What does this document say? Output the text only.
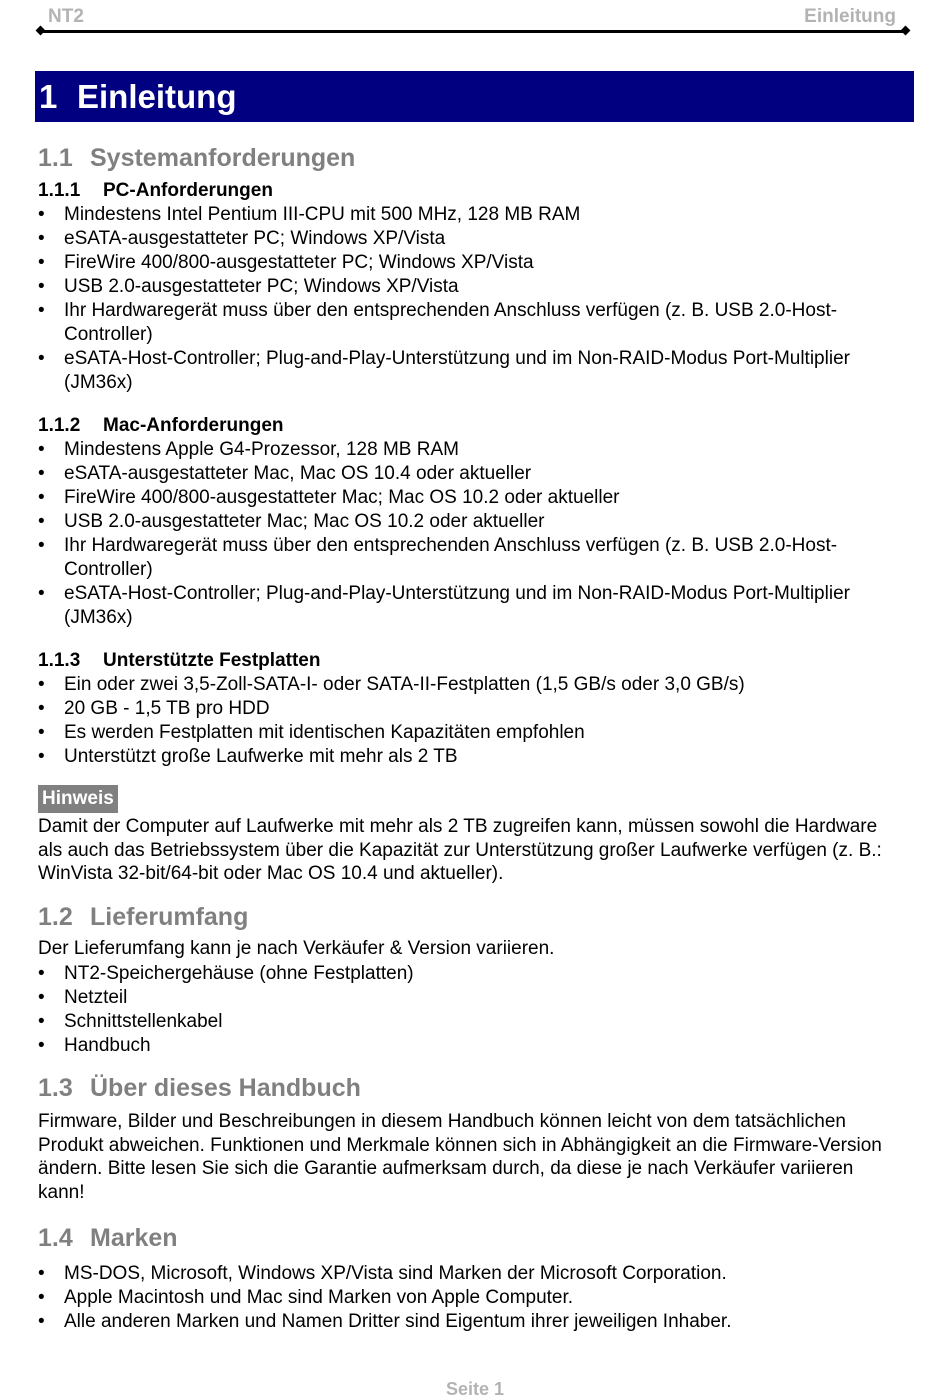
NT2	Einleitung
1 Einleitung
1.1 Systemanforderungen
1.1.1 PC-Anforderungen
• Mindestens Intel Pentium III-CPU mit 500 MHz, 128 MB RAM
• eSATA-ausgestatteter PC; Windows XP/Vista
• FireWire 400/800-ausgestatteter PC; Windows XP/Vista
• USB 2.0-ausgestatteter PC; Windows XP/Vista
• Ihr Hardwaregerät muss über den entsprechenden Anschluss verfügen (z. B. USB 2.0-Host-Controller)
• eSATA-Host-Controller; Plug-and-Play-Unterstützung und im Non-RAID-Modus Port-Multiplier (JM36x)
1.1.2 Mac-Anforderungen
• Mindestens Apple G4-Prozessor, 128 MB RAM
• eSATA-ausgestatteter Mac, Mac OS 10.4 oder aktueller
• FireWire 400/800-ausgestatteter Mac; Mac OS 10.2 oder aktueller
• USB 2.0-ausgestatteter Mac; Mac OS 10.2 oder aktueller
• Ihr Hardwaregerät muss über den entsprechenden Anschluss verfügen (z. B. USB 2.0-Host-Controller)
• eSATA-Host-Controller; Plug-and-Play-Unterstützung und im Non-RAID-Modus Port-Multiplier (JM36x)
1.1.3 Unterstützte Festplatten
• Ein oder zwei 3,5-Zoll-SATA-I- oder SATA-II-Festplatten (1,5 GB/s oder 3,0 GB/s)
• 20 GB - 1,5 TB pro HDD
• Es werden Festplatten mit identischen Kapazitäten empfohlen
• Unterstützt große Laufwerke mit mehr als 2 TB
Hinweis

Damit der Computer auf Laufwerke mit mehr als 2 TB zugreifen kann, müssen sowohl die Hardware als auch das Betriebssystem über die Kapazität zur Unterstützung großer Laufwerke verfügen (z. B.: WinVista 32-bit/64-bit oder Mac OS 10.4 und aktueller).

1.2 Lieferumfang

Der Lieferumfang kann je nach Verkäufer & Version variieren.

• NT2-Speichergehäuse (ohne Festplatten)
• Netzteil
• Schnittstellenkabel
• Handbuch
1.3 Über dieses Handbuch

Firmware, Bilder und Beschreibungen in diesem Handbuch können leicht von dem tatsächlichen Produkt abweichen. Funktionen und Merkmale können sich in Abhängigkeit an die Firmware-Version ändern. Bitte lesen Sie sich die Garantie aufmerksam durch, da diese je nach Verkäufer variieren kann!

1.4 Marken
• MS-DOS, Microsoft, Windows XP/Vista sind Marken der Microsoft Corporation.
• Apple Macintosh und Mac sind Marken von Apple Computer.
• Alle anderen Marken und Namen Dritter sind Eigentum ihrer jeweiligen Inhaber.
Seite 1
